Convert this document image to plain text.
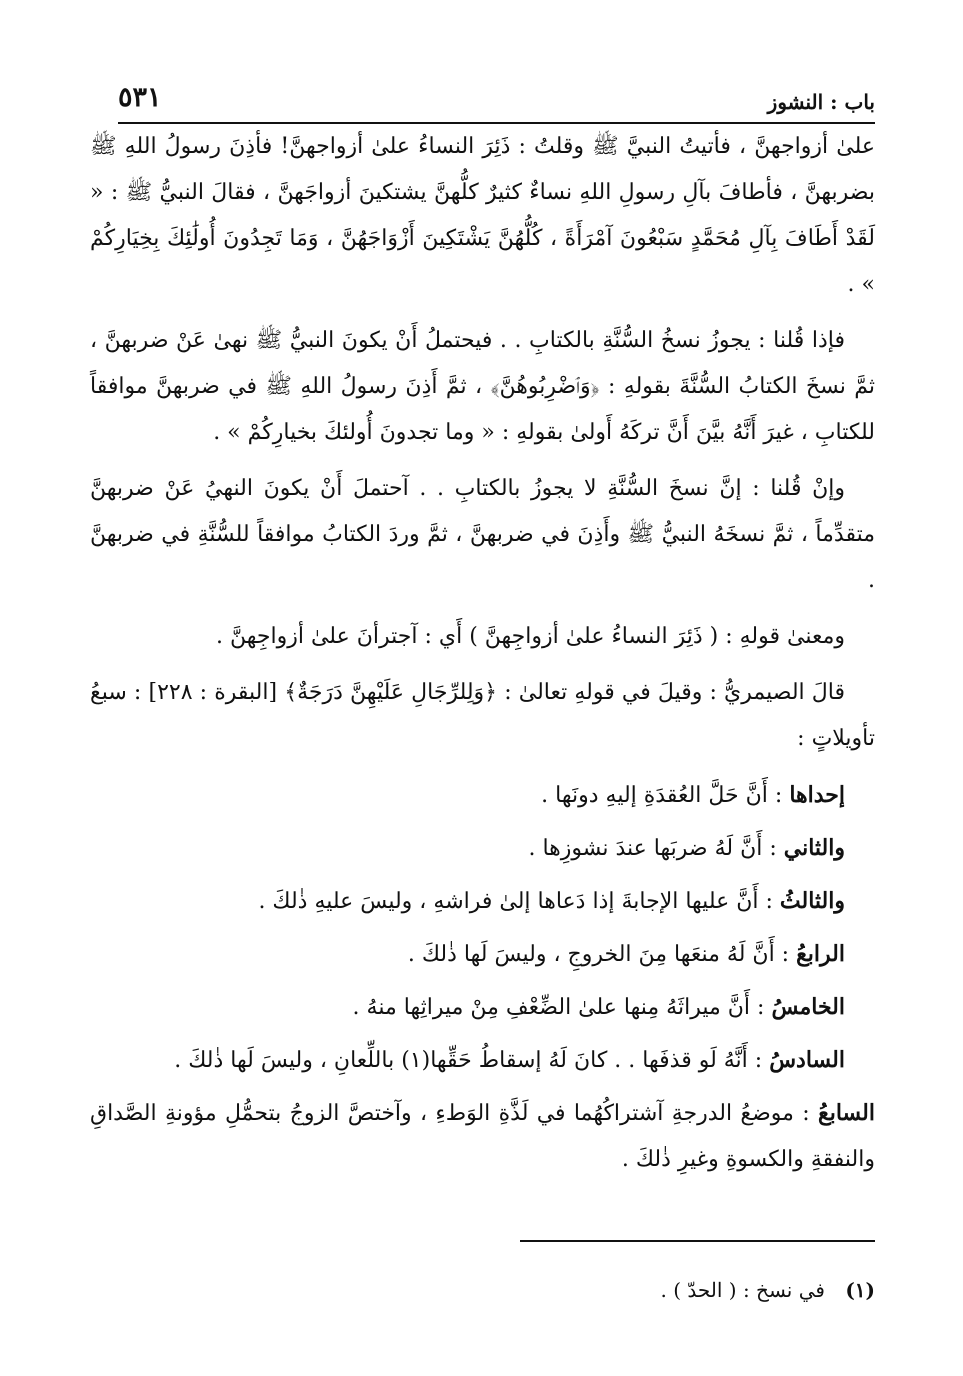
باب : النشوز
٥٣١

علىٰ أزواجهنَّ ، فأتيتُ النبيَّ ﷺ وقلتُ : ذَئِرَ النساءُ علىٰ أزواجهنَّ! فأذِنَ رسولُ اللهِ ﷺ بضربهنَّ ، فأطافَ بآلِ رسولِ اللهِ نساءٌ كثيرٌ كلُّهنَّ يشتكينَ أزواجَهنَّ ، فقالَ النبيُّ ﷺ : « لَقَدْ أَطَافَ بِآلِ مُحَمَّدٍ سَبْعُونَ آمْرَأَةً ، كُلُّهُنَّ يَشْتَكِينَ أَزْوَاجَهُنَّ ، وَمَا تَجِدُونَ أُولَٰئِكَ بِخِيَارِكُمْ » .

فإذا قُلنا : يجوزُ نسخُ السُّنَّةِ بالكتابِ . . فيحتملُ أَنْ يكونَ النبيُّ ﷺ نهىٰ عَنْ ضربهنَّ ، ثمَّ نسخَ الكتابُ السُّنَّةَ بقولهِ : ﴿وَٱضْرِبُوهُنَّ﴾ ، ثمَّ أَذِنَ رسولُ اللهِ ﷺ في ضربهنَّ موافقاً للكتابِ ، غيرَ أَنَّهُ بيَّنَ أَنَّ تركَهُ أَولىٰ بقولهِ : « وما تجدونَ أُولئكَ بخيارِكُمْ » .

وإنْ قُلنا : إنَّ نسخَ السُّنَّةِ لا يجوزُ بالكتابِ . . آحتملَ أَنْ يكونَ النهيُ عَنْ ضربهنَّ متقدِّماً ، ثمَّ نسخَهُ النبيُّ ﷺ وأَذِنَ في ضربهنَّ ، ثمَّ وردَ الكتابُ موافقاً للسُّنَّةِ في ضربهنَّ .

ومعنىٰ قولهِ : ( ذَئِرَ النساءُ علىٰ أزواجِهنَّ ) أَي : آجترأنَ علىٰ أزواجِهنَّ .

قالَ الصيمريُّ : وقيلَ في قولهِ تعالىٰ : ﴿وَلِلرِّجَالِ عَلَيْهِنَّ دَرَجَةٌ﴾ [البقرة : ٢٢٨] : سبعُ تأويلاتٍ :

إحداها : أَنَّ حَلَّ العُقدَةِ إليهِ دونَها .

والثاني : أَنَّ لَهُ ضربَها عندَ نشوزِها .

والثالثُ : أَنَّ عليها الإجابةَ إذا دَعاها إلىٰ فراشهِ ، وليسَ عليهِ ذٰلكَ .

الرابعُ : أَنَّ لَهُ منعَها مِنَ الخروجِ ، وليسَ لَها ذٰلكَ .

الخامسُ : أَنَّ ميراثَهُ مِنها علىٰ الضِّعْفِ مِنْ ميراثِها منهُ .

السادسُ : أَنَّهُ لَو قذفَها . . كانَ لَهُ إسقاطُ حَقِّها(١) باللِّعانِ ، وليسَ لَها ذٰلكَ .

السابعُ : موضعُ الدرجةِ آشتراكُهُما في لَذَّةِ الوَطءِ ، وآختصَّ الزوجُ بتحمُّلِ مؤونةِ الصَّداقِ والنفقةِ والكسوةِ وغيرِ ذٰلكَ .

(١) في نسخ : ( الحدّ ) .
